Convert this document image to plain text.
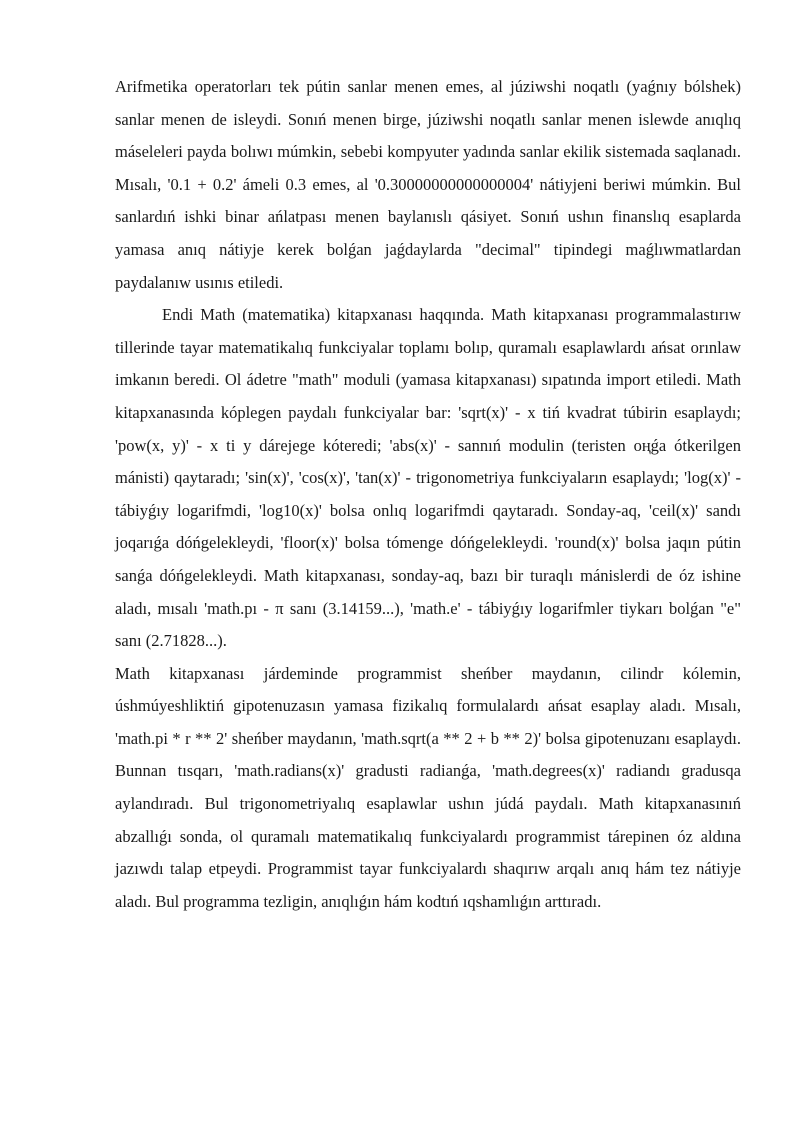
Arifmetika operatorları tek pútin sanlar menen emes, al júziwshi noqatlı (yaǵnıy bólshek) sanlar menen de isleydi. Sonıń menen birge, júziwshi noqatlı sanlar menen islewde anıqlıq máseleleri payda bolıwı múmkin, sebebi kompyuter yadında sanlar ekilik sistemada saqlanadı. Mısalı, '0.1 + 0.2' ámeli 0.3 emes, al '0.30000000000000004' nátiyjeni beriwi múmkin. Bul sanlardıń ishki binar ańlatpası menen baylanıslı qásiyet. Sonıń ushın finanslıq esaplarda yamasa anıq nátiyje kerek bolǵan jaǵdaylarda "decimal" tipindegi maǵlıwmatlardan paydalanıw usınıs etiledi.

Endi Math (matematika) kitapxanası haqqında. Math kitapxanası programmalastırıw tillerinde tayar matematikalıq funkciyalar toplamı bolıp, quramalı esaplawlardı ańsat orınlaw imkanın beredi. Ol ádetre "math" moduli (yamasa kitapxanası) sıpatında import etiledi. Math kitapxanasında kóplegen paydalı funkciyalar bar: 'sqrt(x)' - x tiń kvadrat túbirin esaplaydı; 'pow(x, y)' - x ti y dárejege kóteredi; 'abs(x)' - sannıń modulin (teristen oңǵa ótkerilgen mánisti) qaytaradı; 'sin(x)', 'cos(x)', 'tan(x)' - trigonometriya funkciyaların esaplaydı; 'log(x)' - tábiyǵıy logarifmdi, 'log10(x)' bolsa onlıq logarifmdi qaytaradı. Sonday-aq, 'ceil(x)' sandı joqarıǵa dóńgelekleydi, 'floor(x)' bolsa tómenge dóńgelekleydi. 'round(x)' bolsa jaqın pútin sanǵa dóńgelekleydi. Math kitapxanası, sonday-aq, bazı bir turaqlı mánislerdi de óz ishine aladı, mısalı 'math.pı - π sanı (3.14159...), 'math.e' - tábiyǵıy logarifmler tiykarı bolǵan "e" sanı (2.71828...).

Math kitapxanası járdeminde programmist sheńber maydanın, cilindr kólemin, úshmúyeshliktiń gipotenuzasın yamasa fizikalıq formulalardı ańsat esaplay aladı. Mısalı, 'math.pi * r ** 2' sheńber maydanın, 'math.sqrt(a ** 2 + b ** 2)' bolsa gipotenuzanı esaplaydı. Bunnan tısqarı, 'math.radians(x)' gradusti radianǵa, 'math.degrees(x)' radiandı gradusqa aylandıradı. Bul trigonometriyalıq esaplawlar ushın júdá paydalı. Math kitapxanasınıń abzallıǵı sonda, ol quramalı matematikalıq funkciyalardı programmist tárepinen óz aldına jazıwdı talap etpeydi. Programmist tayar funkciyalardı shaqırıw arqalı anıq hám tez nátiyje aladı. Bul programma tezligin, anıqlıǵın hám kodtıń ıqshamlıǵın arttıradı.
